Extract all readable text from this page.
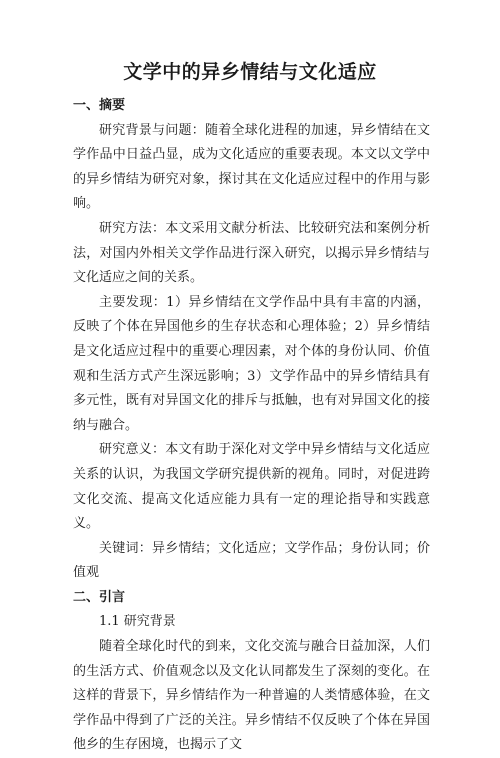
文学中的异乡情结与文化适应
一、摘要
研究背景与问题：随着全球化进程的加速，异乡情结在文学作品中日益凸显，成为文化适应的重要表现。本文以文学中的异乡情结为研究对象，探讨其在文化适应过程中的作用与影响。
研究方法：本文采用文献分析法、比较研究法和案例分析法，对国内外相关文学作品进行深入研究，以揭示异乡情结与文化适应之间的关系。
主要发现：1）异乡情结在文学作品中具有丰富的内涵，反映了个体在异国他乡的生存状态和心理体验；2）异乡情结是文化适应过程中的重要心理因素，对个体的身份认同、价值观和生活方式产生深远影响；3）文学作品中的异乡情结具有多元性，既有对异国文化的排斥与抵触，也有对异国文化的接纳与融合。
研究意义：本文有助于深化对文学中异乡情结与文化适应关系的认识，为我国文学研究提供新的视角。同时，对促进跨文化交流、提高文化适应能力具有一定的理论指导和实践意义。
关键词：异乡情结；文化适应；文学作品；身份认同；价值观
二、引言
1.1 研究背景
随着全球化时代的到来，文化交流与融合日益加深，人们的生活方式、价值观念以及文化认同都发生了深刻的变化。在这样的背景下，异乡情结作为一种普遍的人类情感体验，在文学作品中得到了广泛的关注。异乡情结不仅反映了个体在异国他乡的生存困境，也揭示了文
